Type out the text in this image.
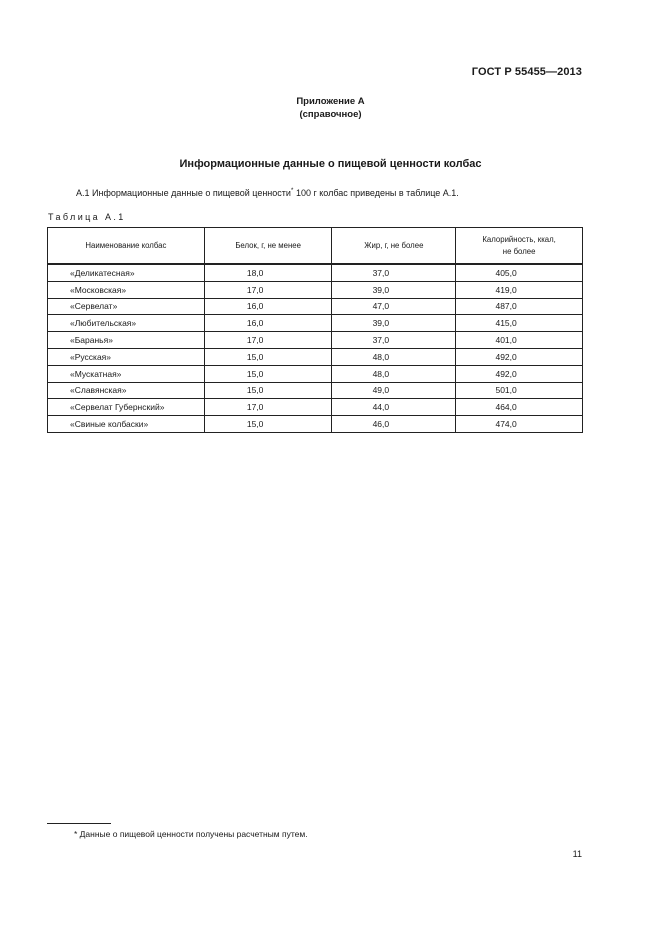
ГОСТ Р 55455—2013
Приложение А
(справочное)
Информационные данные о пищевой ценности колбас
А.1 Информационные данные о пищевой ценности* 100 г колбас приведены в таблице А.1.
Таблица А.1
Наименование колбас	Белок, г, не менее	Жир, г, не более	Калорийность, ккал,
не более
«Деликатесная»	18,0	37,0	405,0
«Московская»	17,0	39,0	419,0
«Сервелат»	16,0	47,0	487,0
«Любительская»	16,0	39,0	415,0
«Баранья»	17,0	37,0	401,0
«Русская»	15,0	48,0	492,0
«Мускатная»	15,0	48,0	492,0
«Славянская»	15,0	49,0	501,0
«Сервелат Губернский»	17,0	44,0	464,0
«Свиные колбаски»	15,0	46,0	474,0
* Данные о пищевой ценности получены расчетным путем.
11
